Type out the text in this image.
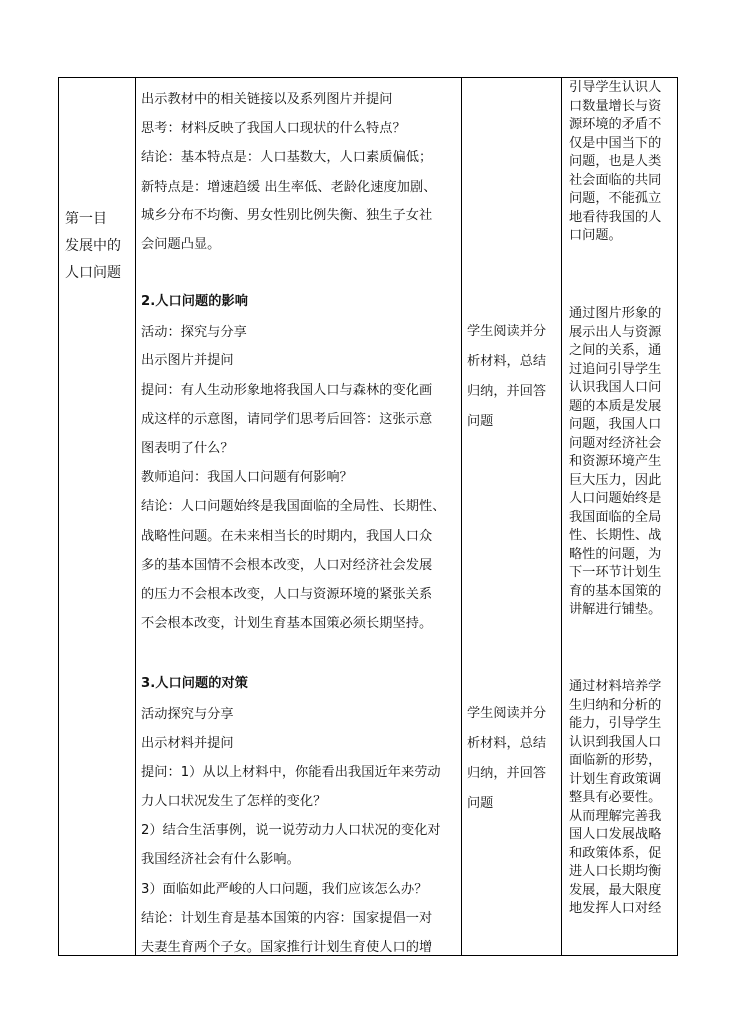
第一目
发展中的
人口问题
出示教材中的相关链接以及系列图片并提问
思考：材料反映了我国人口现状的什么特点？
结论：基本特点是：人口基数大，人口素质偏低；
新特点是：增速趋缓 出生率低、老龄化速度加剧、
城乡分布不均衡、男女性别比例失衡、独生子女社
会问题凸显。
2.人口问题的影响
活动：探究与分享
出示图片并提问
提问：有人生动形象地将我国人口与森林的变化画
成这样的示意图，请同学们思考后回答：这张示意
图表明了什么？
教师追问：我国人口问题有何影响？
结论：人口问题始终是我国面临的全局性、长期性、
战略性问题。在未来相当长的时期内，我国人口众
多的基本国情不会根本改变，人口对经济社会发展
的压力不会根本改变，人口与资源环境的紧张关系
不会根本改变，计划生育基本国策必须长期坚持。
3.人口问题的对策
活动探究与分享
出示材料并提问
提问：1）从以上材料中，你能看出我国近年来劳动
力人口状况发生了怎样的变化？
2）结合生活事例，说一说劳动力人口状况的变化对
我国经济社会有什么影响。
3）面临如此严峻的人口问题，我们应该怎么办？
结论：计划生育是基本国策的内容：国家提倡一对
夫妻生育两个子女。国家推行计划生育使人口的增
学生阅读并分
析材料，总结
归纳，并回答
问题
学生阅读并分
析材料，总结
归纳，并回答
问题
引导学生认识人
口数量增长与资
源环境的矛盾不
仅是中国当下的
问题，也是人类
社会面临的共同
问题，不能孤立
地看待我国的人
口问题。
通过图片形象的
展示出人与资源
之间的关系，通
过追问引导学生
认识我国人口问
题的本质是发展
问题，我国人口
问题对经济社会
和资源环境产生
巨大压力，因此
人口问题始终是
我国面临的全局
性、长期性、战
略性的问题，为
下一环节计划生
育的基本国策的
讲解进行铺垫。
通过材料培养学
生归纳和分析的
能力，引导学生
认识到我国人口
面临新的形势，
计划生育政策调
整具有必要性。
从而理解完善我
国人口发展战略
和政策体系，促
进人口长期均衡
发展，最大限度
地发挥人口对经
